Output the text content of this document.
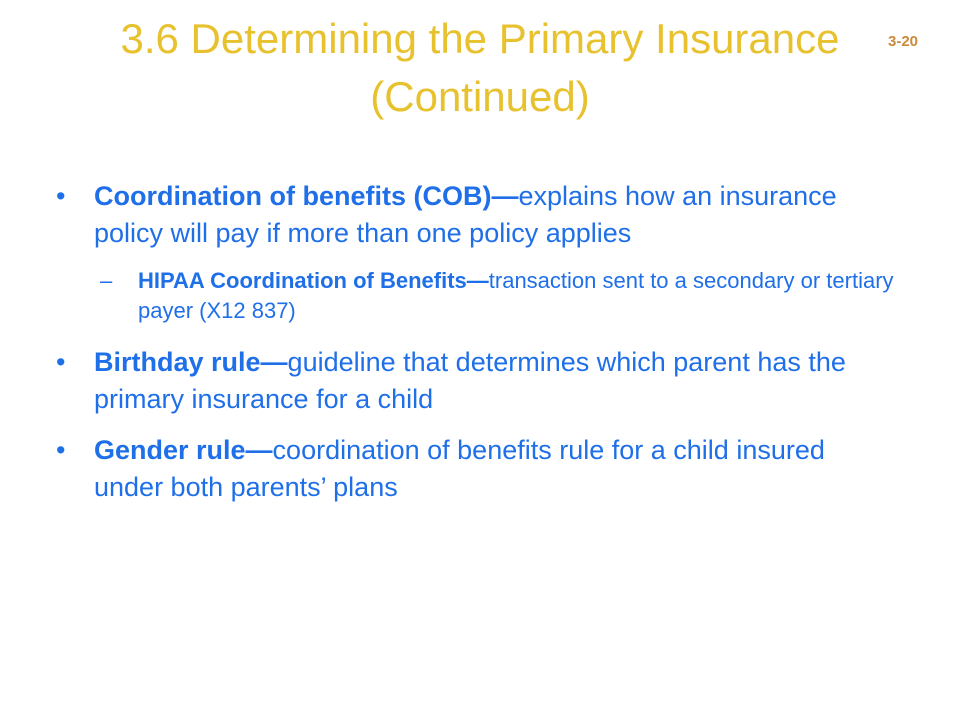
3.6 Determining the Primary Insurance (Continued)
3-20
• Coordination of benefits (COB)—explains how an insurance policy will pay if more than one policy applies
– HIPAA Coordination of Benefits—transaction sent to a secondary or tertiary payer (X12 837)
• Birthday rule—guideline that determines which parent has the primary insurance for a child
• Gender rule—coordination of benefits rule for a child insured under both parents’ plans
